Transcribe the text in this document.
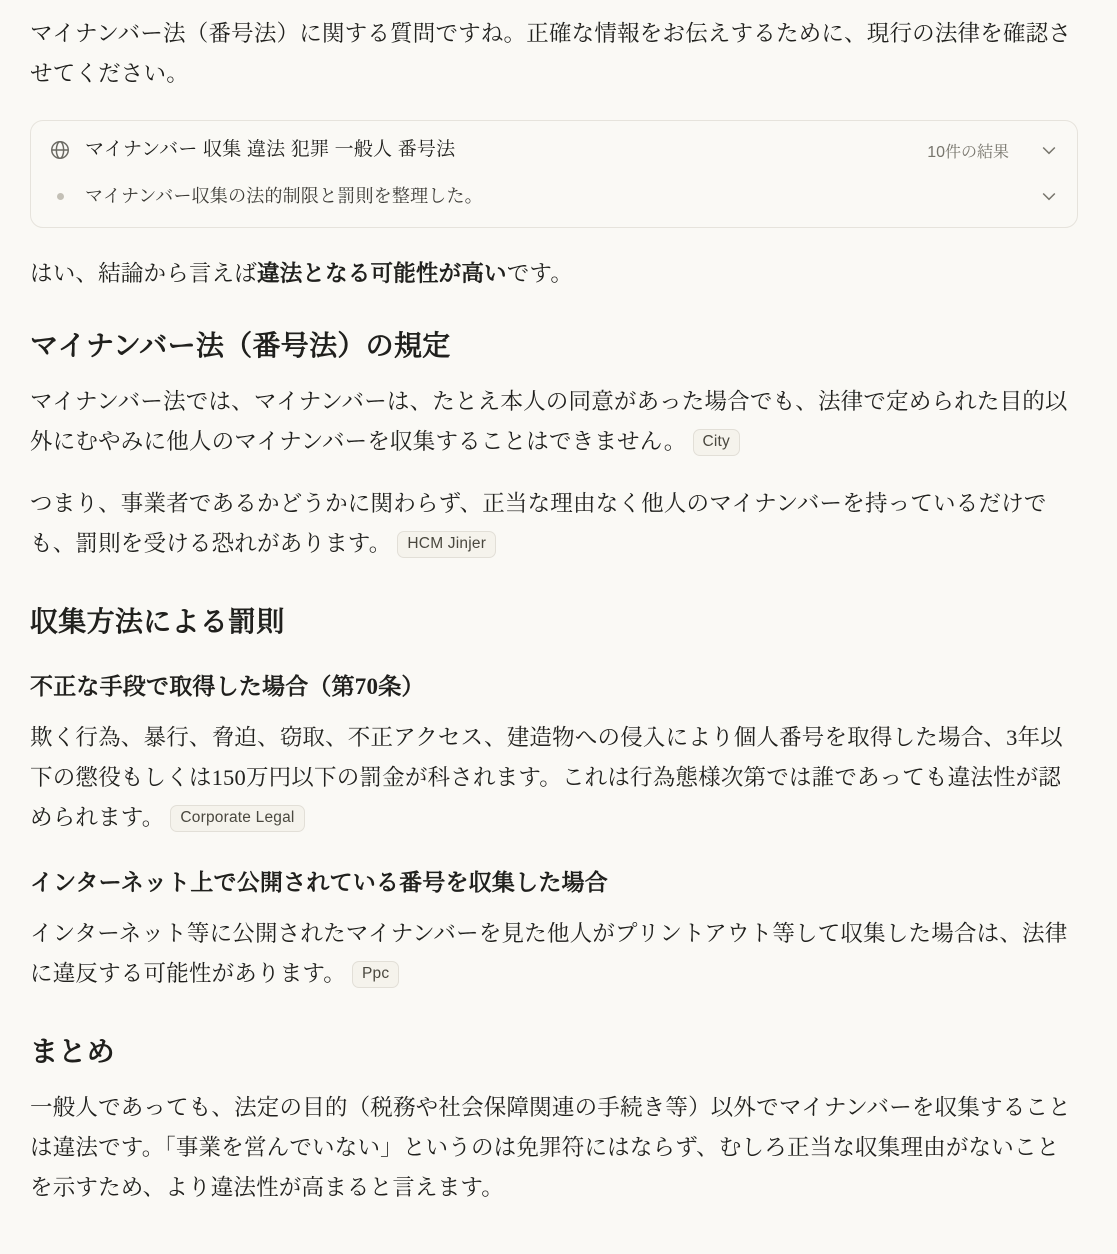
マイナンバー法（番号法）に関する質問ですね。正確な情報をお伝えするために、現行の法律を確認させてください。

マイナンバー 収集 違法 犯罪 一般人 番号法	10件の結果
マイナンバー収集の法的制限と罰則を整理した。

はい、結論から言えば違法となる可能性が高いです。

マイナンバー法（番号法）の規定

マイナンバー法では、マイナンバーは、たとえ本人の同意があった場合でも、法律で定められた目的以外にむやみに他人のマイナンバーを収集することはできません。 City

つまり、事業者であるかどうかに関わらず、正当な理由なく他人のマイナンバーを持っているだけでも、罰則を受ける恐れがあります。 HCM Jinjer

収集方法による罰則
不正な手段で取得した場合（第70条）

欺く行為、暴行、脅迫、窃取、不正アクセス、建造物への侵入により個人番号を取得した場合、3年以下の懲役もしくは150万円以下の罰金が科されます。これは行為態様次第では誰であっても違法性が認められます。 Corporate Legal

インターネット上で公開されている番号を収集した場合

インターネット等に公開されたマイナンバーを見た他人がプリントアウト等して収集した場合は、法律に違反する可能性があります。 Ppc

まとめ

一般人であっても、法定の目的（税務や社会保障関連の手続き等）以外でマイナンバーを収集することは違法です。「事業を営んでいない」というのは免罪符にはならず、むしろ正当な収集理由がないことを示すため、より違法性が高まると言えます。
